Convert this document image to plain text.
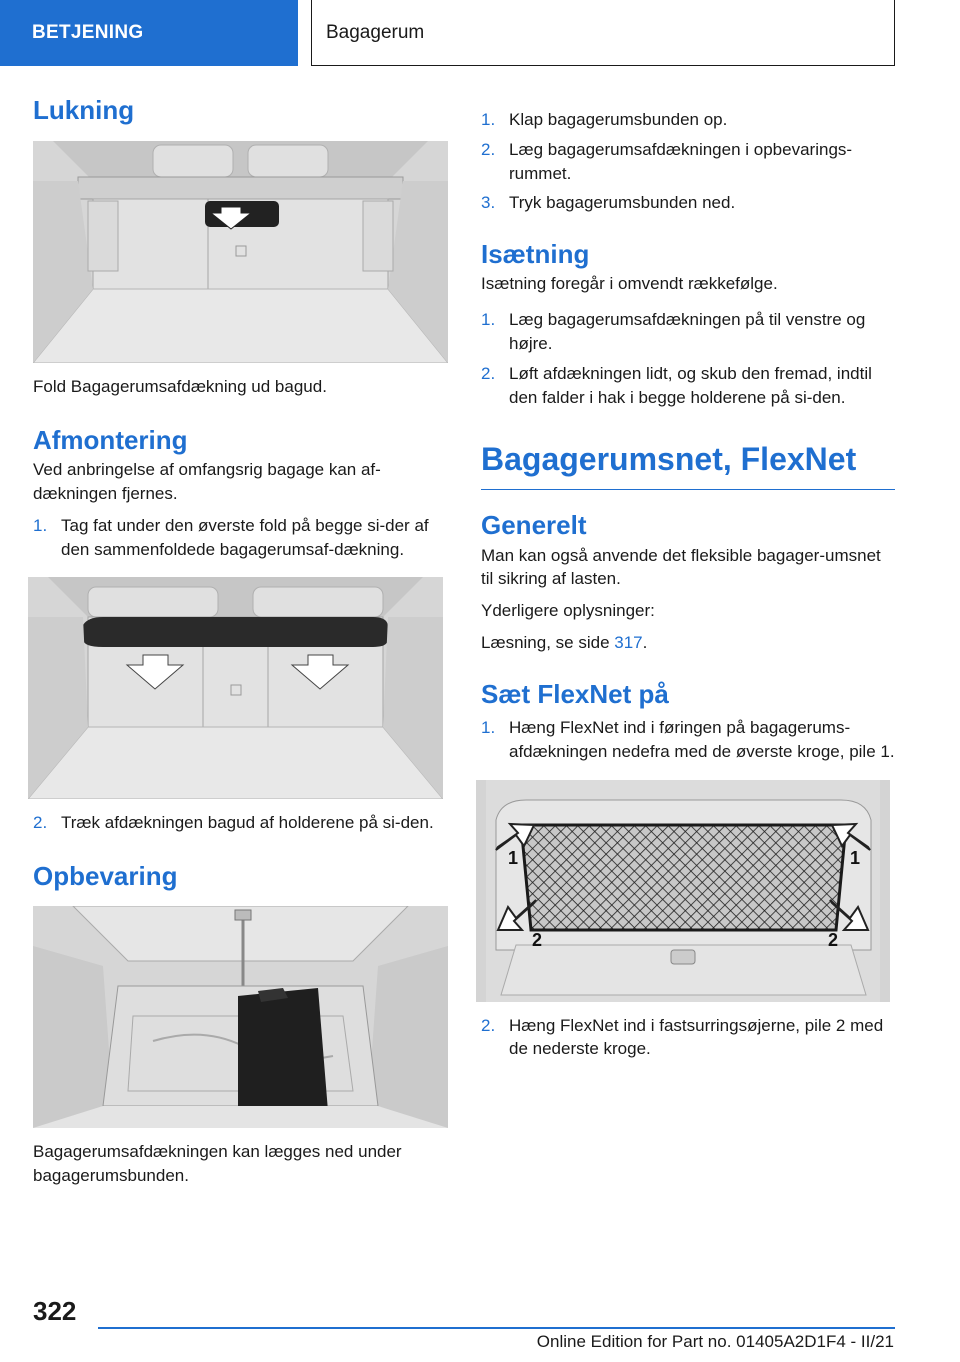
BETJENING	Bagagerum
Lukning

Fold Bagagerumsafdækning ud bagud.

Afmontering

Ved anbringelse af omfangsrig bagage kan af-dækningen fjernes.

1. Tag fat under den øverste fold på begge si-der af den sammenfoldede bagagerumsaf-dækning.
2. Træk afdækningen bagud af holderene på si-den.
Opbevaring

Bagagerumsafdækningen kan lægges ned under bagagerumsbunden.

1. Klap bagagerumsbunden op.
2. Læg bagagerumsafdækningen i opbevarings-rummet.
3. Tryk bagagerumsbunden ned.
Isætning

Isætning foregår i omvendt rækkefølge.

1. Læg bagagerumsafdækningen på til venstre og højre.
2. Løft afdækningen lidt, og skub den fremad, indtil den falder i hak i begge holderene på si-den.
Bagagerumsnet, FlexNet
Generelt

Man kan også anvende det fleksible bagager-umsnet til sikring af lasten.

Yderligere oplysninger:

Læsning, se side 317.

Sæt FlexNet på
1. Hæng FlexNet ind i føringen på bagagerums-afdækningen nedefra med de øverste kroge, pile 1.
1	1
2	2
2. Hæng FlexNet ind i fastsurringsøjerne, pile 2 med de nederste kroge.
322
Online Edition for Part no. 01405A2D1F4 - II/21
